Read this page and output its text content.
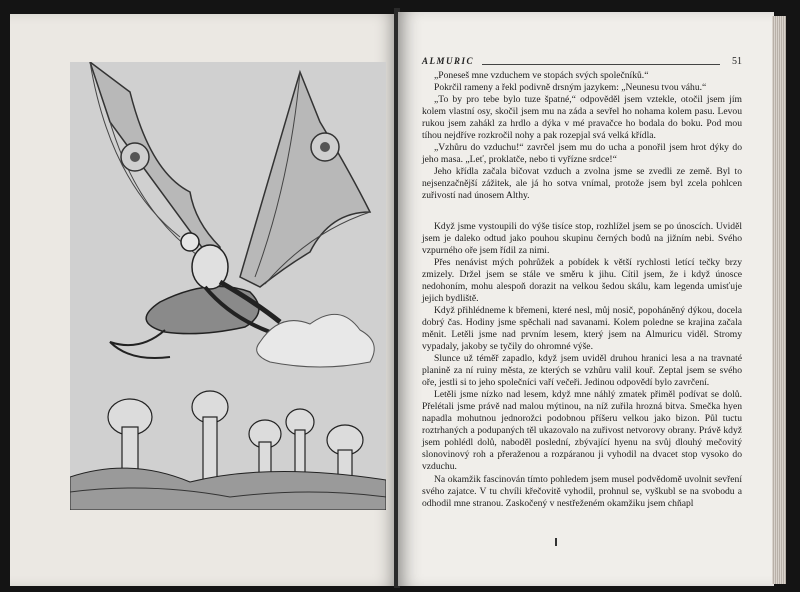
ALMURIC	51

„Poneseš mne vzduchem ve stopách svých společníků.“

Pokrčil rameny a řekl podivně drsným jazykem: „Neunesu tvou váhu.“

„To by pro tebe bylo tuze špatné,“ odpověděl jsem vztekle, otočil jsem jím kolem vlastní osy, skočil jsem mu na záda a sevřel ho nohama kolem pasu. Levou rukou jsem zahákl za hrdlo a dýka v mé pravačce ho bodala do boku. Pod mou tíhou nejdříve rozkročil nohy a pak rozepjal svá velká křídla.

„Vzhůru do vzduchu!“ zavrčel jsem mu do ucha a ponořil jsem hrot dýky do jeho masa. „Leť, proklatče, nebo ti vyřízne srdce!“

Jeho křídla začala bičovat vzduch a zvolna jsme se zvedli ze země. Byl to nejsenzačnější zážitek, ale já ho sotva vnímal, protože jsem byl zcela pohlcen zuřivostí nad únosem Althy.

Když jsme vystoupili do výše tisíce stop, rozhlížel jsem se po únoscích. Uviděl jsem je daleko odtud jako pouhou skupinu černých bodů na jižním nebi. Svého vzpurného oře jsem řídil za nimi.

Přes nenávist mých pohrůžek a pobídek k větší rychlosti letící tečky brzy zmizely. Držel jsem se stále ve směru k jihu. Cítil jsem, že i když únosce nedohoním, mohu alespoň dorazit na velkou šedou skálu, kam legenda umisťuje jejich bydliště.

Když přihlédneme k břemeni, které nesl, můj nosič, popoháněný dýkou, docela dobrý čas. Hodiny jsme spěchali nad savanami. Kolem poledne se krajina začala měnit. Letěli jsme nad prvním lesem, který jsem na Almuricu viděl. Stromy vypadaly, jakoby se tyčily do ohromné výše.

Slunce už téměř zapadlo, když jsem uviděl druhou hranici lesa a na travnaté planině za ní ruiny města, ze kterých se vzhůru valil kouř. Zeptal jsem se svého oře, jestli si to jeho společníci vaří večeři. Jedinou odpovědí bylo zavrčení.

Letěli jsme nízko nad lesem, když mne náhlý zmatek přiměl podívat se dolů. Přelétali jsme právě nad malou mýtinou, na níž zuřila hrozná bitva. Smečka hyen napadla mohutnou jednorožci podobnou příšeru velkou jako bizon. Půl tuctu roztrhaných a podupaných těl ukazovalo na zuřivost netvorovy obrany. Právě když jsem pohlédl dolů, naboděl poslední, zbývající hyenu na svůj dlouhý mečovitý slonovinový roh a přeraženou a rozpáranou ji vyhodil na dvacet stop vysoko do vzduchu.

Na okamžik fascinován tímto pohledem jsem musel podvědomě uvolnit sevření svého zajatce. V tu chvíli křečovitě vyhodil, prohnul se, vyškubl se na svobodu a odhodil mne stranou. Zaskočený v nestřeženém okamžiku jsem chňapl
